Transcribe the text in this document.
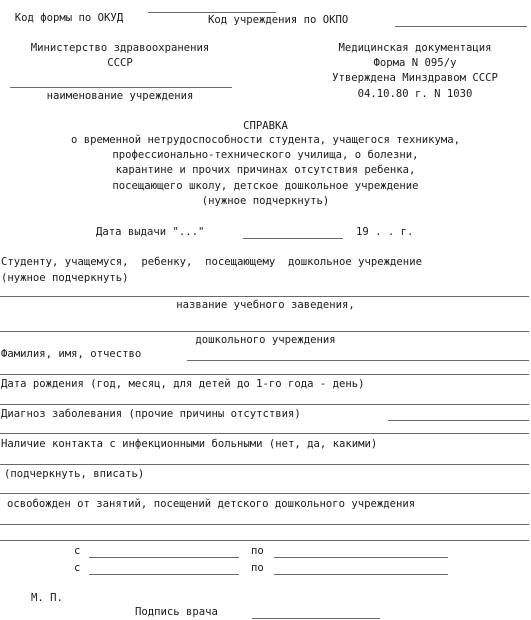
Код формы по ОКУД	Код учреждения по ОКПО
Министерство здравоохранения
СССР
наименование учреждения
Медицинская документация
Форма N 095/у
Утверждена Минздравом СССР
04.10.80 г. N 1030
СПРАВКА
о временной нетрудоспособности студента, учащегося техникума,
профессионально-технического училища, о болезни,
карантине и прочих причинах отсутствия ребенка,
посещающего школу, детское дошкольное учреждение
(нужное подчеркнуть)
Дата выдачи "..."	19 . . г.
Студенту, учащемуся,  ребенку,  посещающему  дошкольное учреждение
(нужное подчеркнуть)
название учебного заведения,
дошкольного учреждения
Фамилия, имя, отчество
Дата рождения (год, месяц, для детей до 1-го года - день)
Диагноз заболевания (прочие причины отсутствия)
Наличие контакта с инфекционными больными (нет, да, какими)
(подчеркнуть, вписать)
освобожден от занятий, посещений детского дошкольного учреждения
с	по
с	по
М. П.
Подпись врача
